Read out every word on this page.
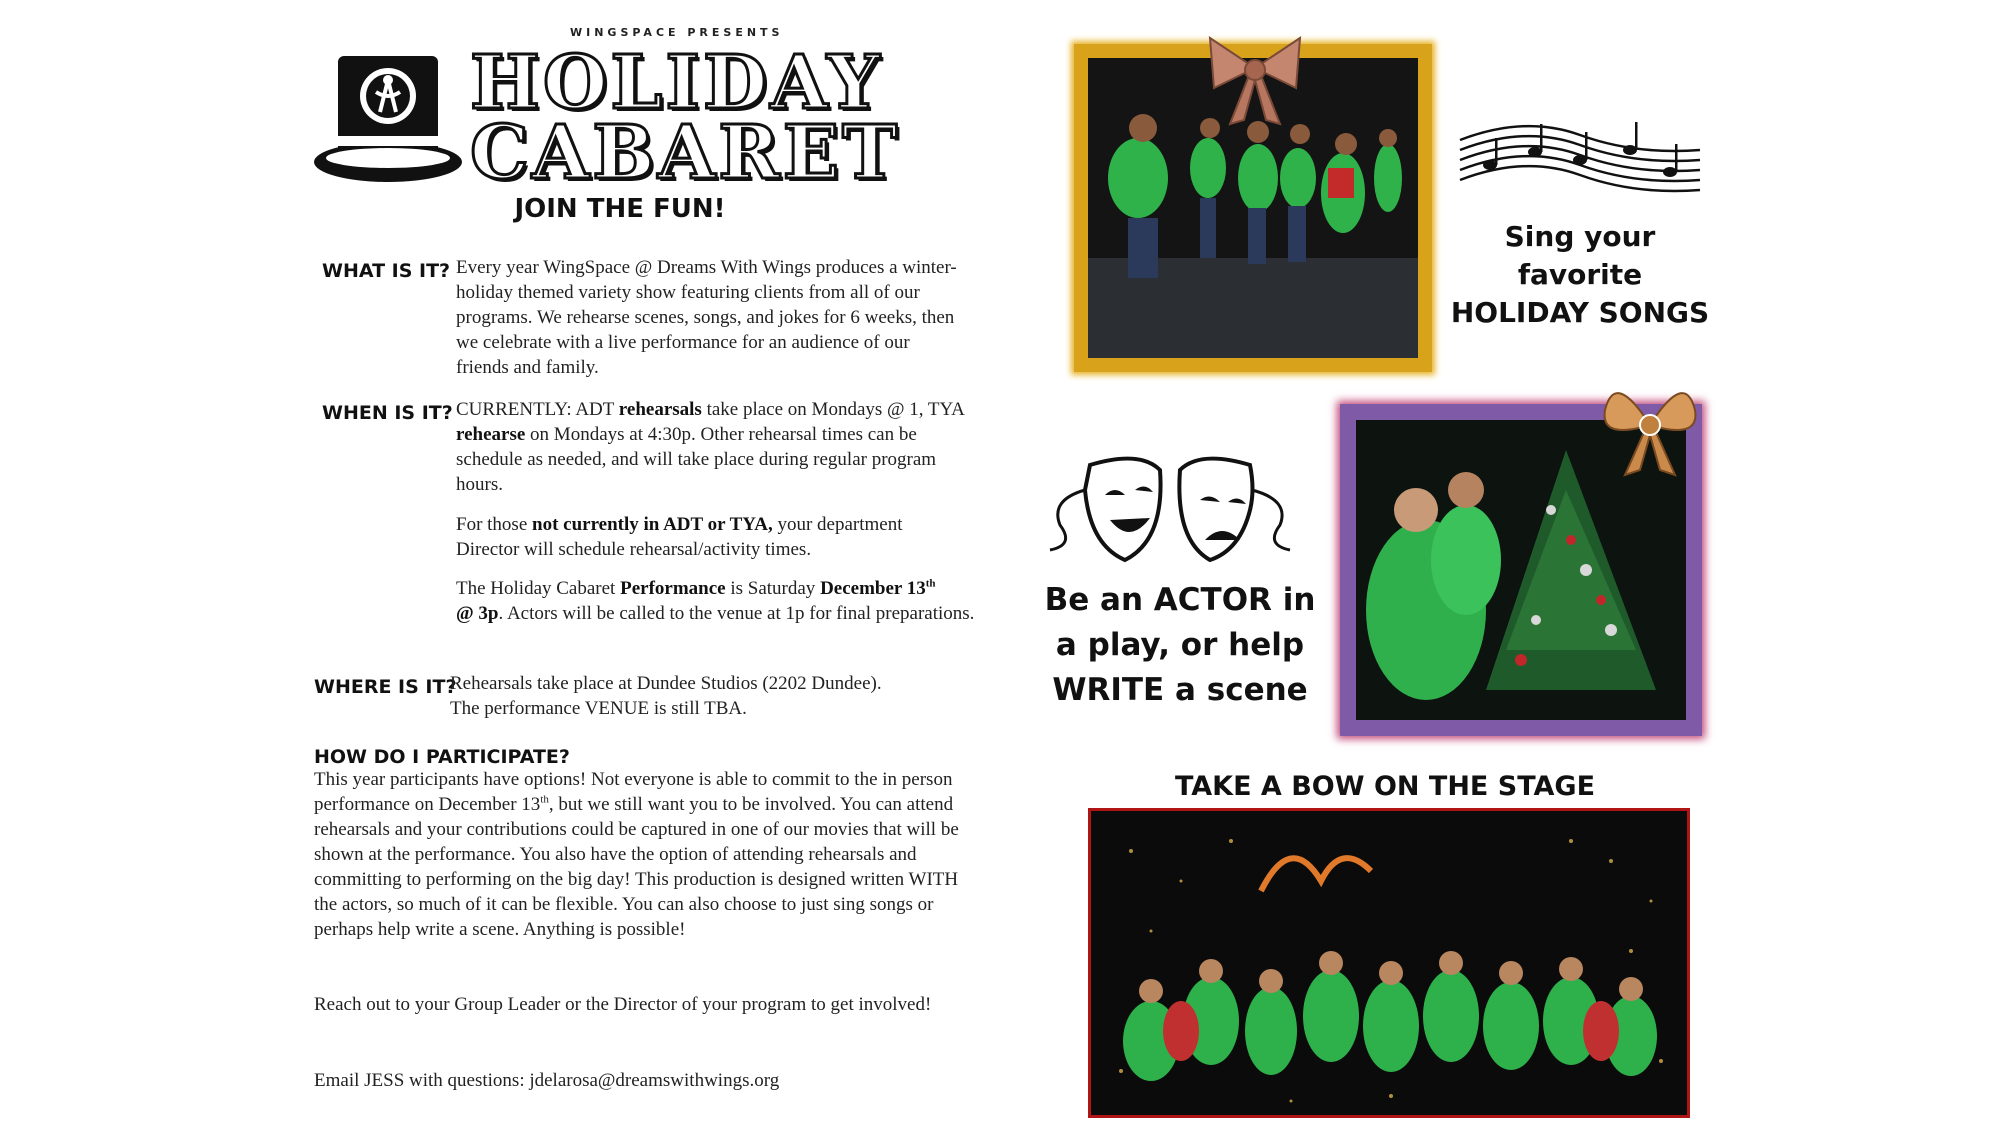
WINGSPACE PRESENTS
HOLIDAY
CABARET
JOIN THE FUN!
WHAT IS IT? Every year WingSpace @ Dreams With Wings produces a winter-holiday themed variety show featuring clients from all of our programs. We rehearse scenes, songs, and jokes for 6 weeks, then we celebrate with a live performance for an audience of our friends and family.
WHEN IS IT? CURRENTLY: ADT rehearsals take place on Mondays @ 1, TYA rehearse on Mondays at 4:30p. Other rehearsal times can be schedule as needed, and will take place during regular program hours.
For those not currently in ADT or TYA, your department Director will schedule rehearsal/activity times.
The Holiday Cabaret Performance is Saturday December 13th
@ 3p. Actors will be called to the venue at 1p for final preparations.
WHERE IS IT?
Rehearsals take place at Dundee Studios (2202 Dundee).
The performance VENUE is still TBA.
HOW DO I PARTICIPATE?
This year participants have options! Not everyone is able to commit to the in person performance on December 13th, but we still want you to be involved. You can attend rehearsals and your contributions could be captured in one of our movies that will be shown at the performance. You also have the option of attending rehearsals and committing to performing on the big day! This production is designed written WITH the actors, so much of it can be flexible. You can also choose to just sing songs or perhaps help write a scene. Anything is possible!
Reach out to your Group Leader or the Director of your program to get involved!
Email JESS with questions: jdelarosa@dreamswithwings.org
Sing your favorite
HOLIDAY SONGS
Be an ACTOR in
a play, or help
WRITE a scene
TAKE A BOW ON THE STAGE
